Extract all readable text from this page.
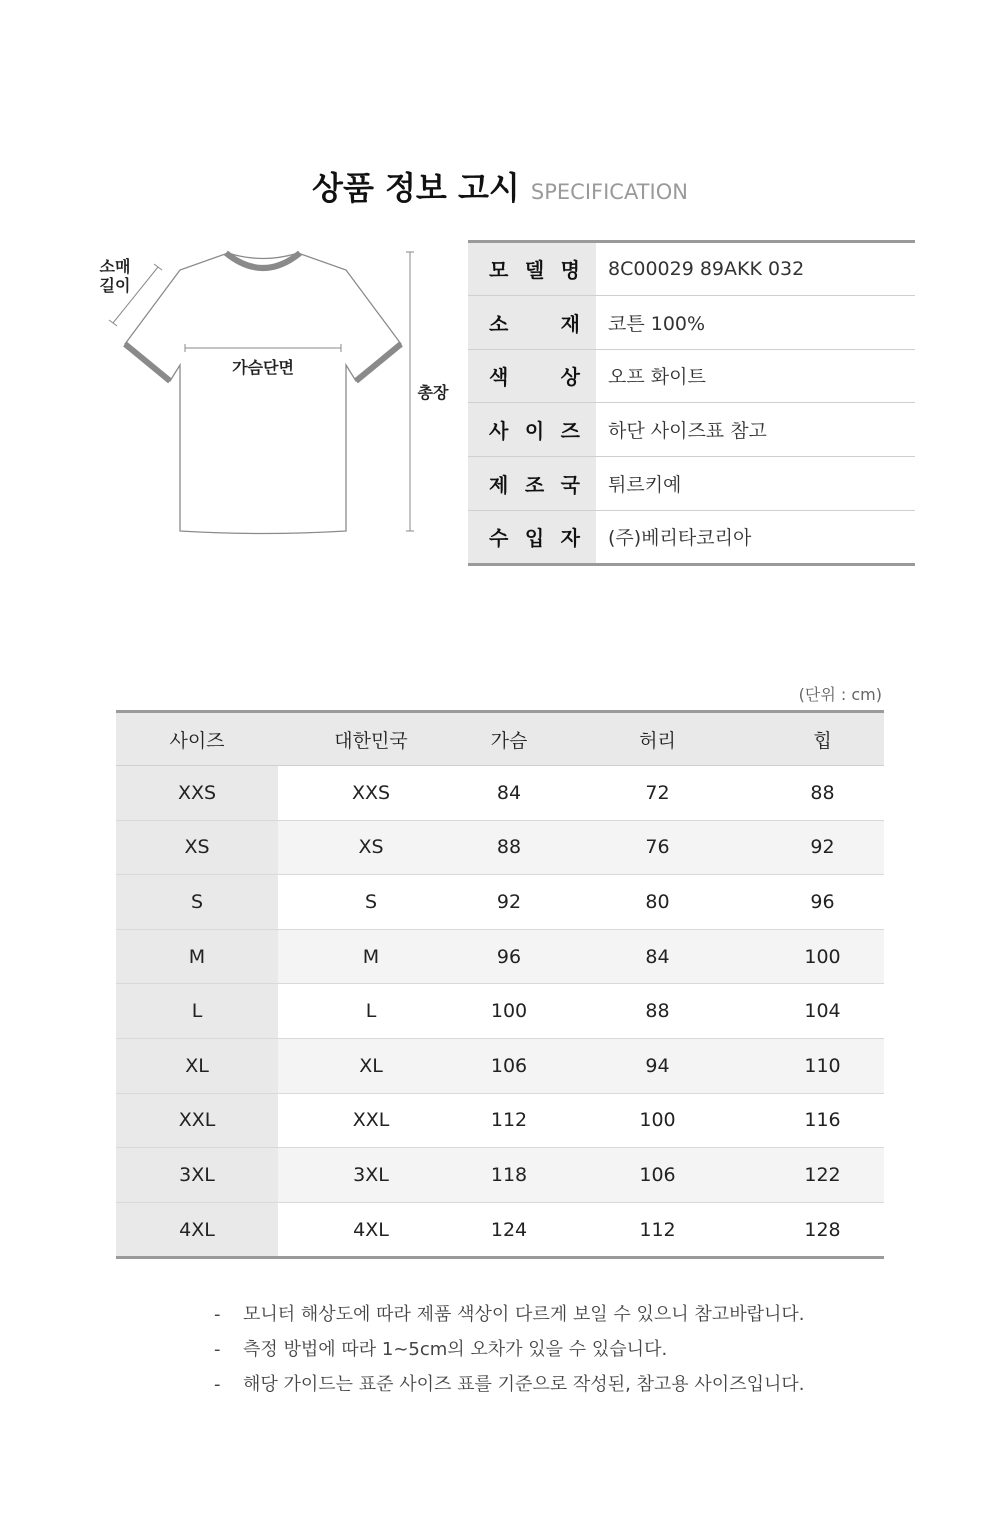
상품 정보 고시 SPECIFICATION
소매
길이
가슴단면
총장
모 델 명	8C00029 89AKK 032

소 재	코튼 100%

색 상	오프 화이트

사 이 즈	하단 사이즈표 참고

제 조 국	튀르키예

수 입 자	(주)베리타코리아
(단위 : cm)
사이즈	대한민국	가슴	허리	힙
XXS	XXS	84	72	88
XS	XS	88	76	92
S	S	92	80	96
M	M	96	84	100
L	L	100	88	104
XL	XL	106	94	110
XXL	XXL	112	100	116
3XL	3XL	118	106	122
4XL	4XL	124	112	128
- 모니터 해상도에 따라 제품 색상이 다르게 보일 수 있으니 참고바랍니다.
- 측정 방법에 따라 1~5cm의 오차가 있을 수 있습니다.
- 해당 가이드는 표준 사이즈 표를 기준으로 작성된, 참고용 사이즈입니다.
